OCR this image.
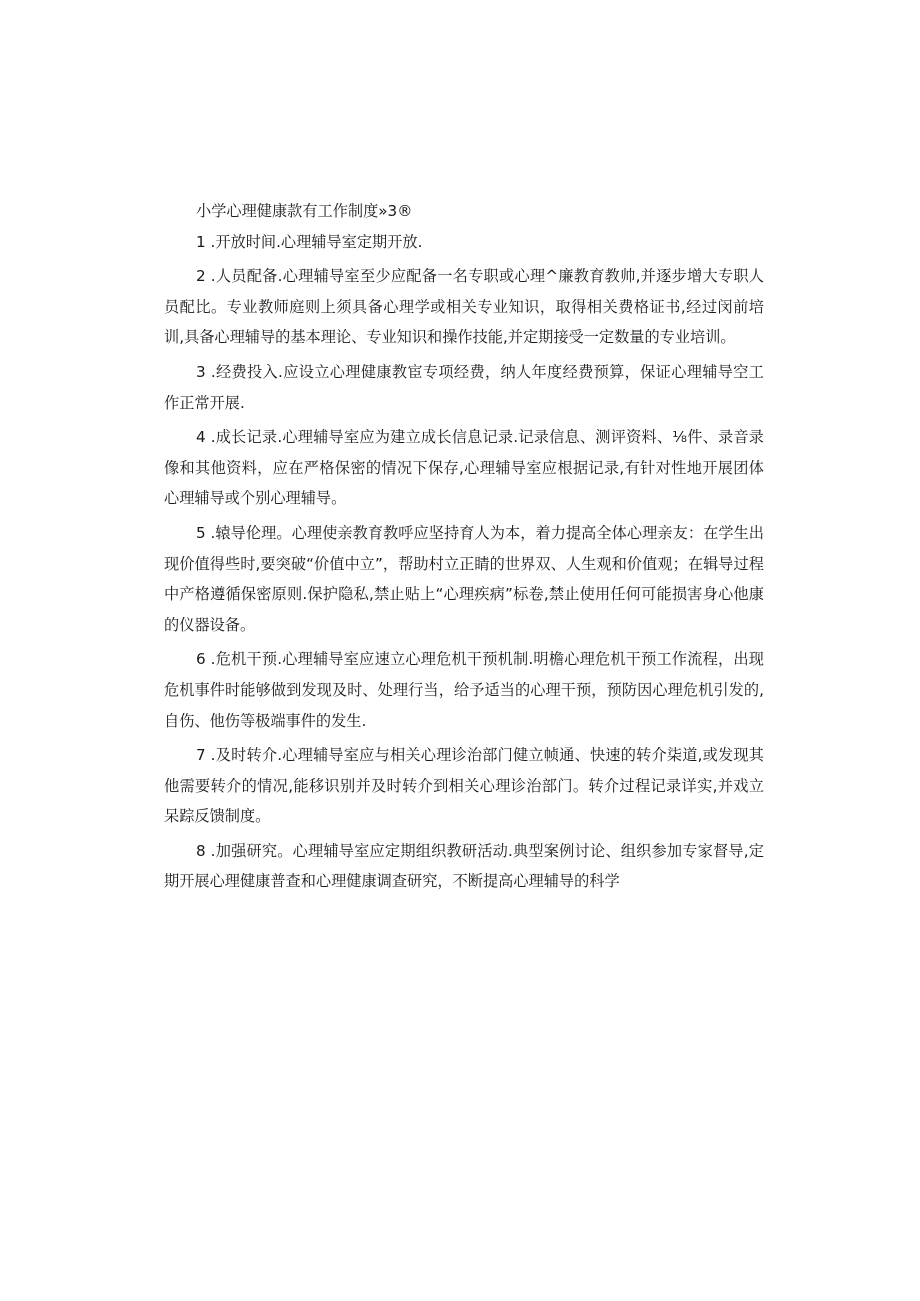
小学心理健康款有工作制度»3®

1 .开放时间.心理辅导室定期开放.

2 .人员配备.心理辅导室至少应配备一名专职或心理^廉教育教帅,并逐步增大专职人员配比。专业教师庭则上须具备心理学或相关专业知识，取得相关费格证书,经过闵前培训,具备心理辅导的基本理论、专业知识和操作技能,并定期接受一定数量的专业培训。

3 .经费投入.应设立心理健康教宦专项经费，纳人年度经费预算，保证心理辅导空工作正常开展.

4 .成长记录.心理辅导室应为建立成长信息记录.记录信息、测评资料、⅛件、录音录像和其他资料，应在严格保密的情况下保存,心理辅导室应根据记录,有针对性地开展团体心理辅导或个别心理辅导。

5 .辕导伦理。心理使亲教育教呼应坚持育人为本，着力提高全体心理亲友：在学生出现价值得些时,要突破“价值中立”，帮助村立正睛的世界双、人生观和价值观；在辑导过程中产格遵循保密原则.保护隐私,禁止贴上“心理疾病”标卷,禁止使用任何可能损害身心他康的仪器设备。

6 .危机干预.心理辅导室应速立心理危机干预机制.明檐心理危机干预工作流程，出现危机事件时能够做到发现及时、处理行当，给予适当的心理干预，预防因心理危机引发的,自伤、他伤等极端事件的发生.

7 .及时转介.心理辅导室应与相关心理诊治部门健立帧通、快速的转介柒道,或发现其他需要转介的情况,能移识别并及时转介到相关心理诊治部门。转介过程记录详实,并戏立呆踪反馈制度。

8 .加强研究。心理辅导室应定期组织教研活动.典型案例讨论、组织参加专家督导,定期开展心理健康普查和心理健康调查研究，不断提高心理辅导的科学
